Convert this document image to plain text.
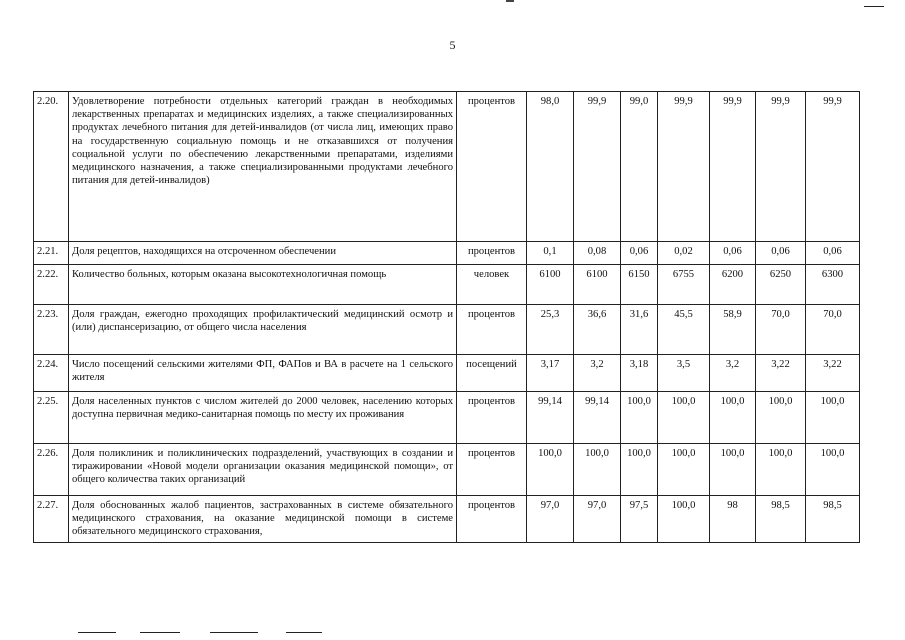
5
2.20.	Удовлетворение потребности отдельных категорий граждан в необходимых лекарственных препаратах и медицинских изделиях, а также специализированных продуктах лечебного питания для детей-инвалидов (от числа лиц, имеющих право на государственную социальную помощь и не отказавшихся от получения социальной услуги по обеспечению лекарственными препаратами, изделиями медицинского назначения, а также специализированными продуктами лечебного питания для детей-инвалидов)	процентов	98,0	99,9	99,0	99,9	99,9	99,9	99,9
2.21.	Доля рецептов, находящихся на отсроченном обеспечении	процентов	0,1	0,08	0,06	0,02	0,06	0,06	0,06
2.22.	Количество больных, которым оказана высокотехнологичная помощь	человек	6100	6100	6150	6755	6200	6250	6300
2.23.	Доля граждан, ежегодно проходящих профилактический медицинский осмотр и (или) диспансеризацию, от общего числа населения	процентов	25,3	36,6	31,6	45,5	58,9	70,0	70,0
2.24.	Число посещений сельскими жителями ФП, ФАПов и ВА в расчете на 1 сельского жителя	посещений	3,17	3,2	3,18	3,5	3,2	3,22	3,22
2.25.	Доля населенных пунктов с числом жителей до 2000 человек, населению которых доступна первичная медико-санитарная помощь по месту их проживания	процентов	99,14	99,14	100,0	100,0	100,0	100,0	100,0
2.26.	Доля поликлиник и поликлинических подразделений, участвующих в создании и тиражировании «Новой модели организации оказания медицинской помощи», от общего количества таких организаций	процентов	100,0	100,0	100,0	100,0	100,0	100,0	100,0
2.27.	Доля обоснованных жалоб пациентов, застрахованных в системе обязательного медицинского страхования, на оказание медицинской помощи в системе обязательного медицинского страхования,	процентов	97,0	97,0	97,5	100,0	98	98,5	98,5
